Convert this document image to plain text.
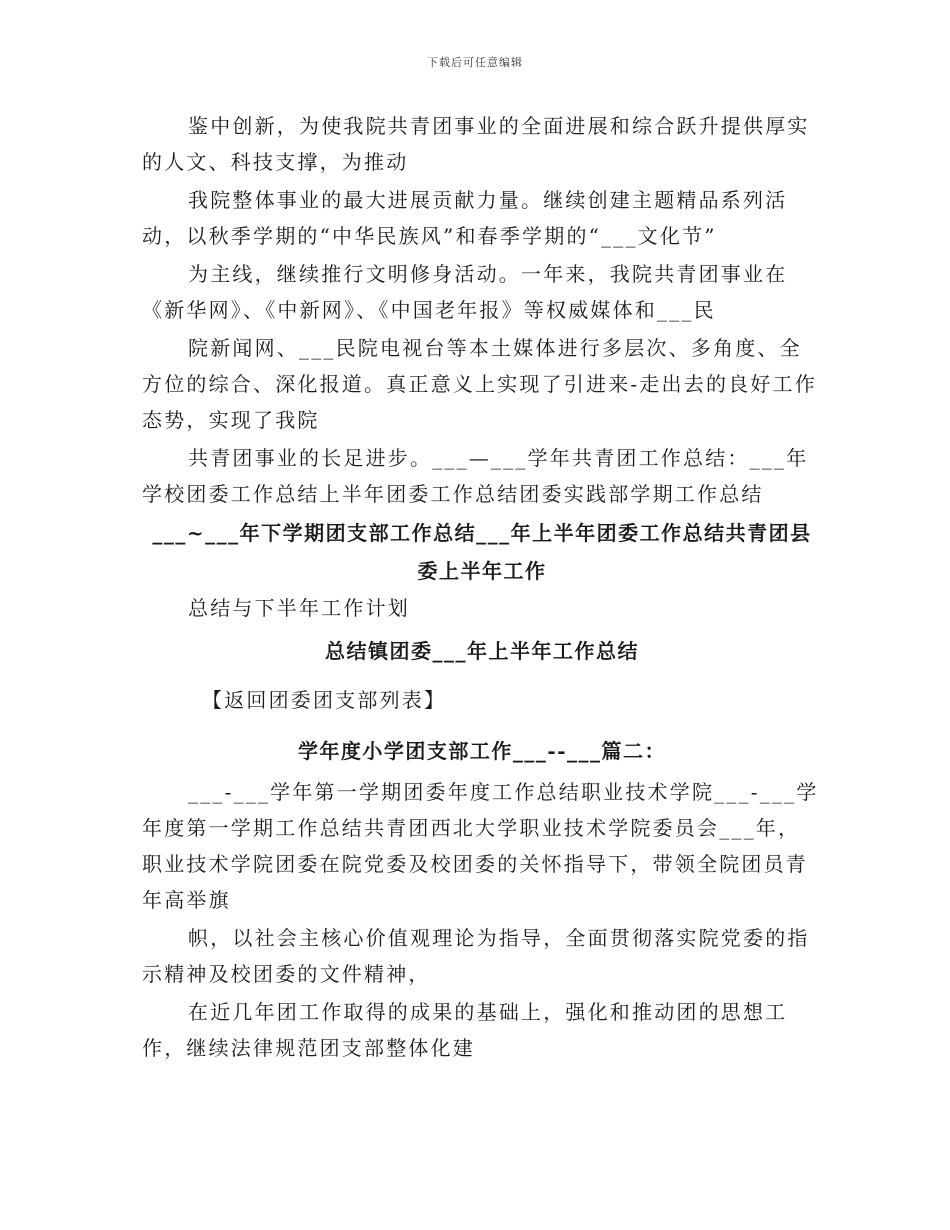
下载后可任意编辑

鉴中创新，为使我院共青团事业的全面进展和综合跃升提供厚实的人文、科技支撑，为推动

我院整体事业的最大进展贡献力量。继续创建主题精品系列活动，以秋季学期的“中华民族风”和春季学期的“___文化节”

为主线，继续推行文明修身活动。一年来，我院共青团事业在《新华网》、《中新网》、《中国老年报》等权威媒体和___民

院新闻网、___民院电视台等本土媒体进行多层次、多角度、全方位的综合、深化报道。真正意义上实现了引进来-走出去的良好工作态势，实现了我院

共青团事业的长足进步。___—___学年共青团工作总结：___年学校团委工作总结上半年团委工作总结团委实践部学期工作总结

___~___年下学期团支部工作总结___年上半年团委工作总结共青团县委上半年工作

总结与下半年工作计划

总结镇团委___年上半年工作总结

【返回团委团支部列表】

学年度小学团支部工作___--___篇二：

___-___学年第一学期团委年度工作总结职业技术学院___-___学年度第一学期工作总结共青团西北大学职业技术学院委员会___年，职业技术学院团委在院党委及校团委的关怀指导下，带领全院团员青年高举旗

帜，以社会主核心价值观理论为指导，全面贯彻落实院党委的指示精神及校团委的文件精神，

在近几年团工作取得的成果的基础上，强化和推动团的思想工作，继续法律规范团支部整体化建
